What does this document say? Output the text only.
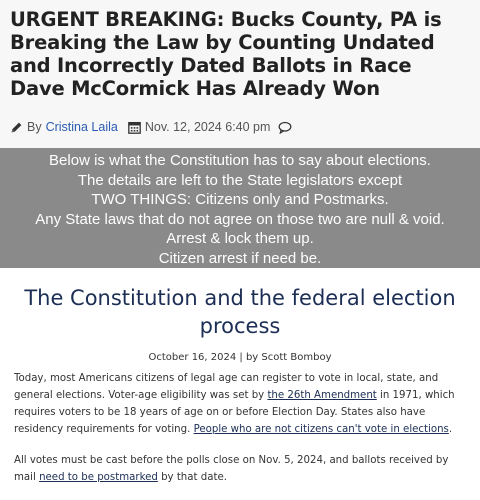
URGENT BREAKING: Bucks County, PA is Breaking the Law by Counting Undated and Incorrectly Dated Ballots in Race Dave McCormick Has Already Won
By Cristina Laila Nov. 12, 2024 6:40 pm
Below is what the Constitution has to say about elections.
The details are left to the State legislators except
TWO THINGS: Citizens only and Postmarks.
Any State laws that do not agree on those two are null & void.
Arrest & lock them up.
Citizen arrest if need be.
The Constitution and the federal election process
October 16, 2024 | by Scott Bomboy

Today, most Americans citizens of legal age can register to vote in local, state, and general elections. Voter-age eligibility was set by the 26th Amendment in 1971, which requires voters to be 18 years of age on or before Election Day. States also have residency requirements for voting. People who are not citizens can't vote in elections.

All votes must be cast before the polls close on Nov. 5, 2024, and ballots received by mail need to be postmarked by that date.
